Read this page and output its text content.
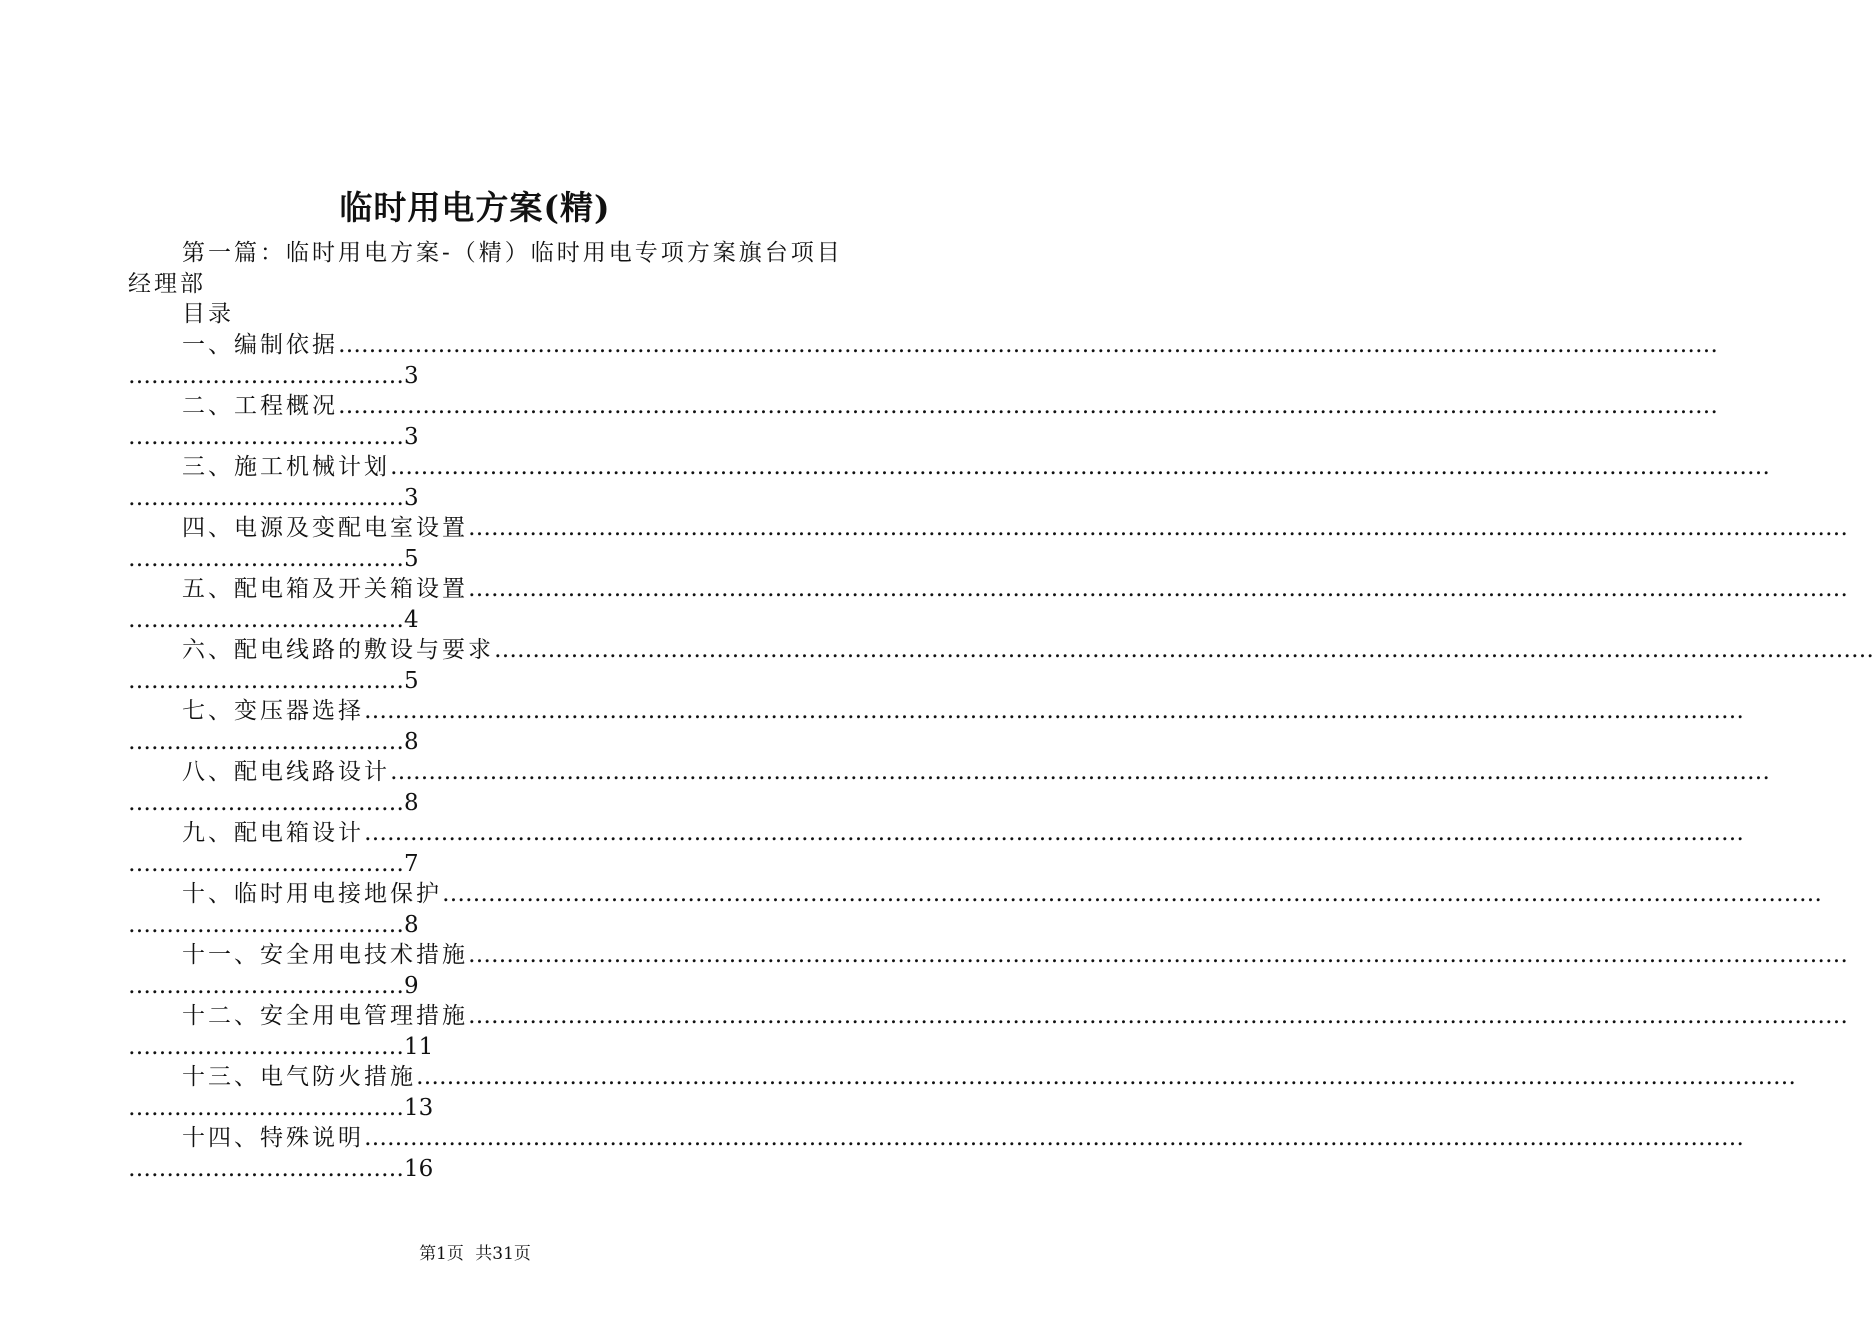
临时用电方案(精)
第一篇：临时用电方案-（精）临时用电专项方案旗台项目
经理部
目录
一、编制依据………………………………………………………………………………………………………………………………………………………………
………………………………3
二、工程概况………………………………………………………………………………………………………………………………………………………………
………………………………3
三、施工机械计划………………………………………………………………………………………………………………………………………………………………
………………………………3
四、电源及变配电室设置………………………………………………………………………………………………………………………………………………………………
………………………………5
五、配电箱及开关箱设置………………………………………………………………………………………………………………………………………………………………
………………………………4
六、配电线路的敷设与要求………………………………………………………………………………………………………………………………………………………………
………………………………5
七、变压器选择………………………………………………………………………………………………………………………………………………………………
………………………………8
八、配电线路设计………………………………………………………………………………………………………………………………………………………………
………………………………8
九、配电箱设计………………………………………………………………………………………………………………………………………………………………
………………………………7
十、临时用电接地保护………………………………………………………………………………………………………………………………………………………………
………………………………8
十一、安全用电技术措施………………………………………………………………………………………………………………………………………………………………
………………………………9
十二、安全用电管理措施………………………………………………………………………………………………………………………………………………………………
………………………………11
十三、电气防火措施………………………………………………………………………………………………………………………………………………………………
………………………………13
十四、特殊说明………………………………………………………………………………………………………………………………………………………………
………………………………16
第1页 共31页
